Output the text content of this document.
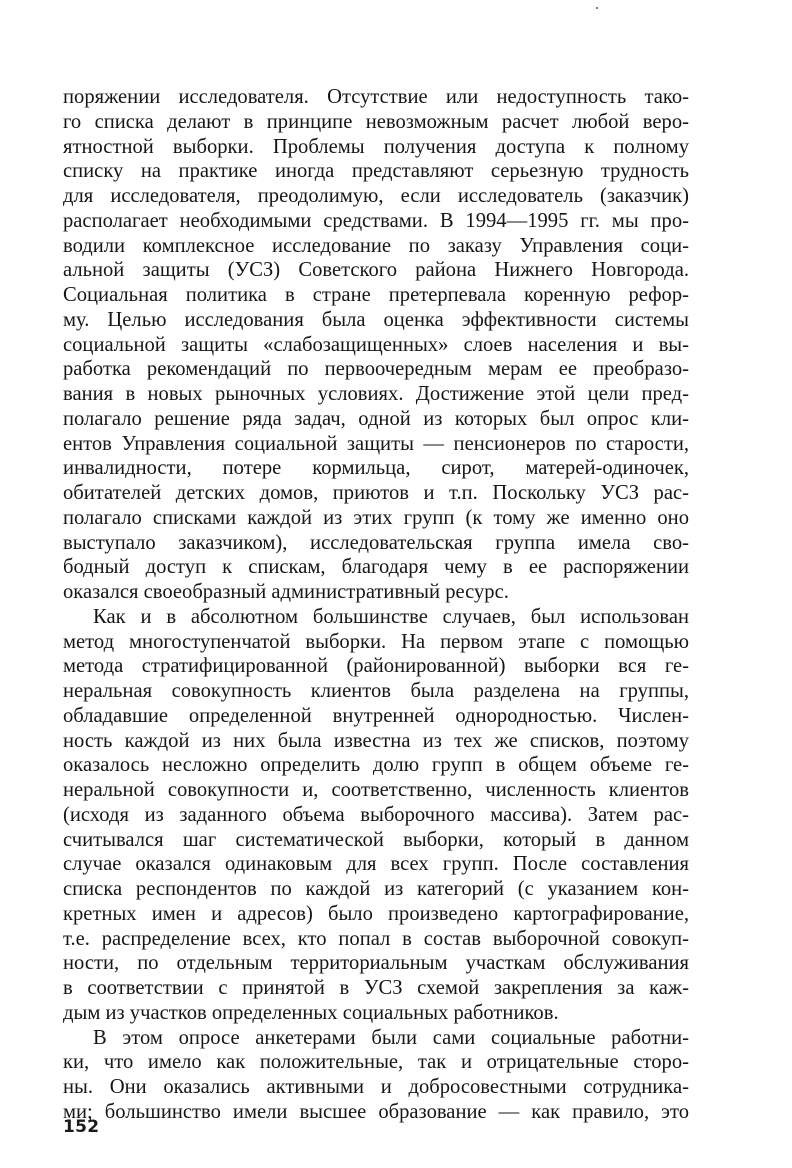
поряжении исследователя. Отсутствие или недоступность тако-
го списка делают в принципе невозможным расчет любой веро-
ятностной выборки. Проблемы получения доступа к полному
списку на практике иногда представляют серьезную трудность
для исследователя, преодолимую, если исследователь (заказчик)
располагает необходимыми средствами. В 1994—1995 гг. мы про-
водили комплексное исследование по заказу Управления соци-
альной защиты (УСЗ) Советского района Нижнего Новгорода.
Социальная политика в стране претерпевала коренную рефор-
му. Целью исследования была оценка эффективности системы
социальной защиты «слабозащищенных» слоев населения и вы-
работка рекомендаций по первоочередным мерам ее преобразо-
вания в новых рыночных условиях. Достижение этой цели пред-
полагало решение ряда задач, одной из которых был опрос кли-
ентов Управления социальной защиты — пенсионеров по старости,
инвалидности, потере кормильца, сирот, матерей-одиночек,
обитателей детских домов, приютов и т.п. Поскольку УСЗ рас-
полагало списками каждой из этих групп (к тому же именно оно
выступало заказчиком), исследовательская группа имела сво-
бодный доступ к спискам, благодаря чему в ее распоряжении
оказался своеобразный административный ресурс.

Как и в абсолютном большинстве случаев, был использован
метод многоступенчатой выборки. На первом этапе с помощью
метода стратифицированной (районированной) выборки вся ге-
неральная совокупность клиентов была разделена на группы,
обладавшие определенной внутренней однородностью. Числен-
ность каждой из них была известна из тех же списков, поэтому
оказалось несложно определить долю групп в общем объеме ге-
неральной совокупности и, соответственно, численность клиентов
(исходя из заданного объема выборочного массива). Затем рас-
считывался шаг систематической выборки, который в данном
случае оказался одинаковым для всех групп. После составления
списка респондентов по каждой из категорий (с указанием кон-
кретных имен и адресов) было произведено картографирование,
т.е. распределение всех, кто попал в состав выборочной совокуп-
ности, по отдельным территориальным участкам обслуживания
в соответствии с принятой в УСЗ схемой закрепления за каж-
дым из участков определенных социальных работников.

В этом опросе анкетерами были сами социальные работни-
ки, что имело как положительные, так и отрицательные сторо-
ны. Они оказались активными и добросовестными сотрудника-
ми; большинство имели высшее образование — как правило, это

152
